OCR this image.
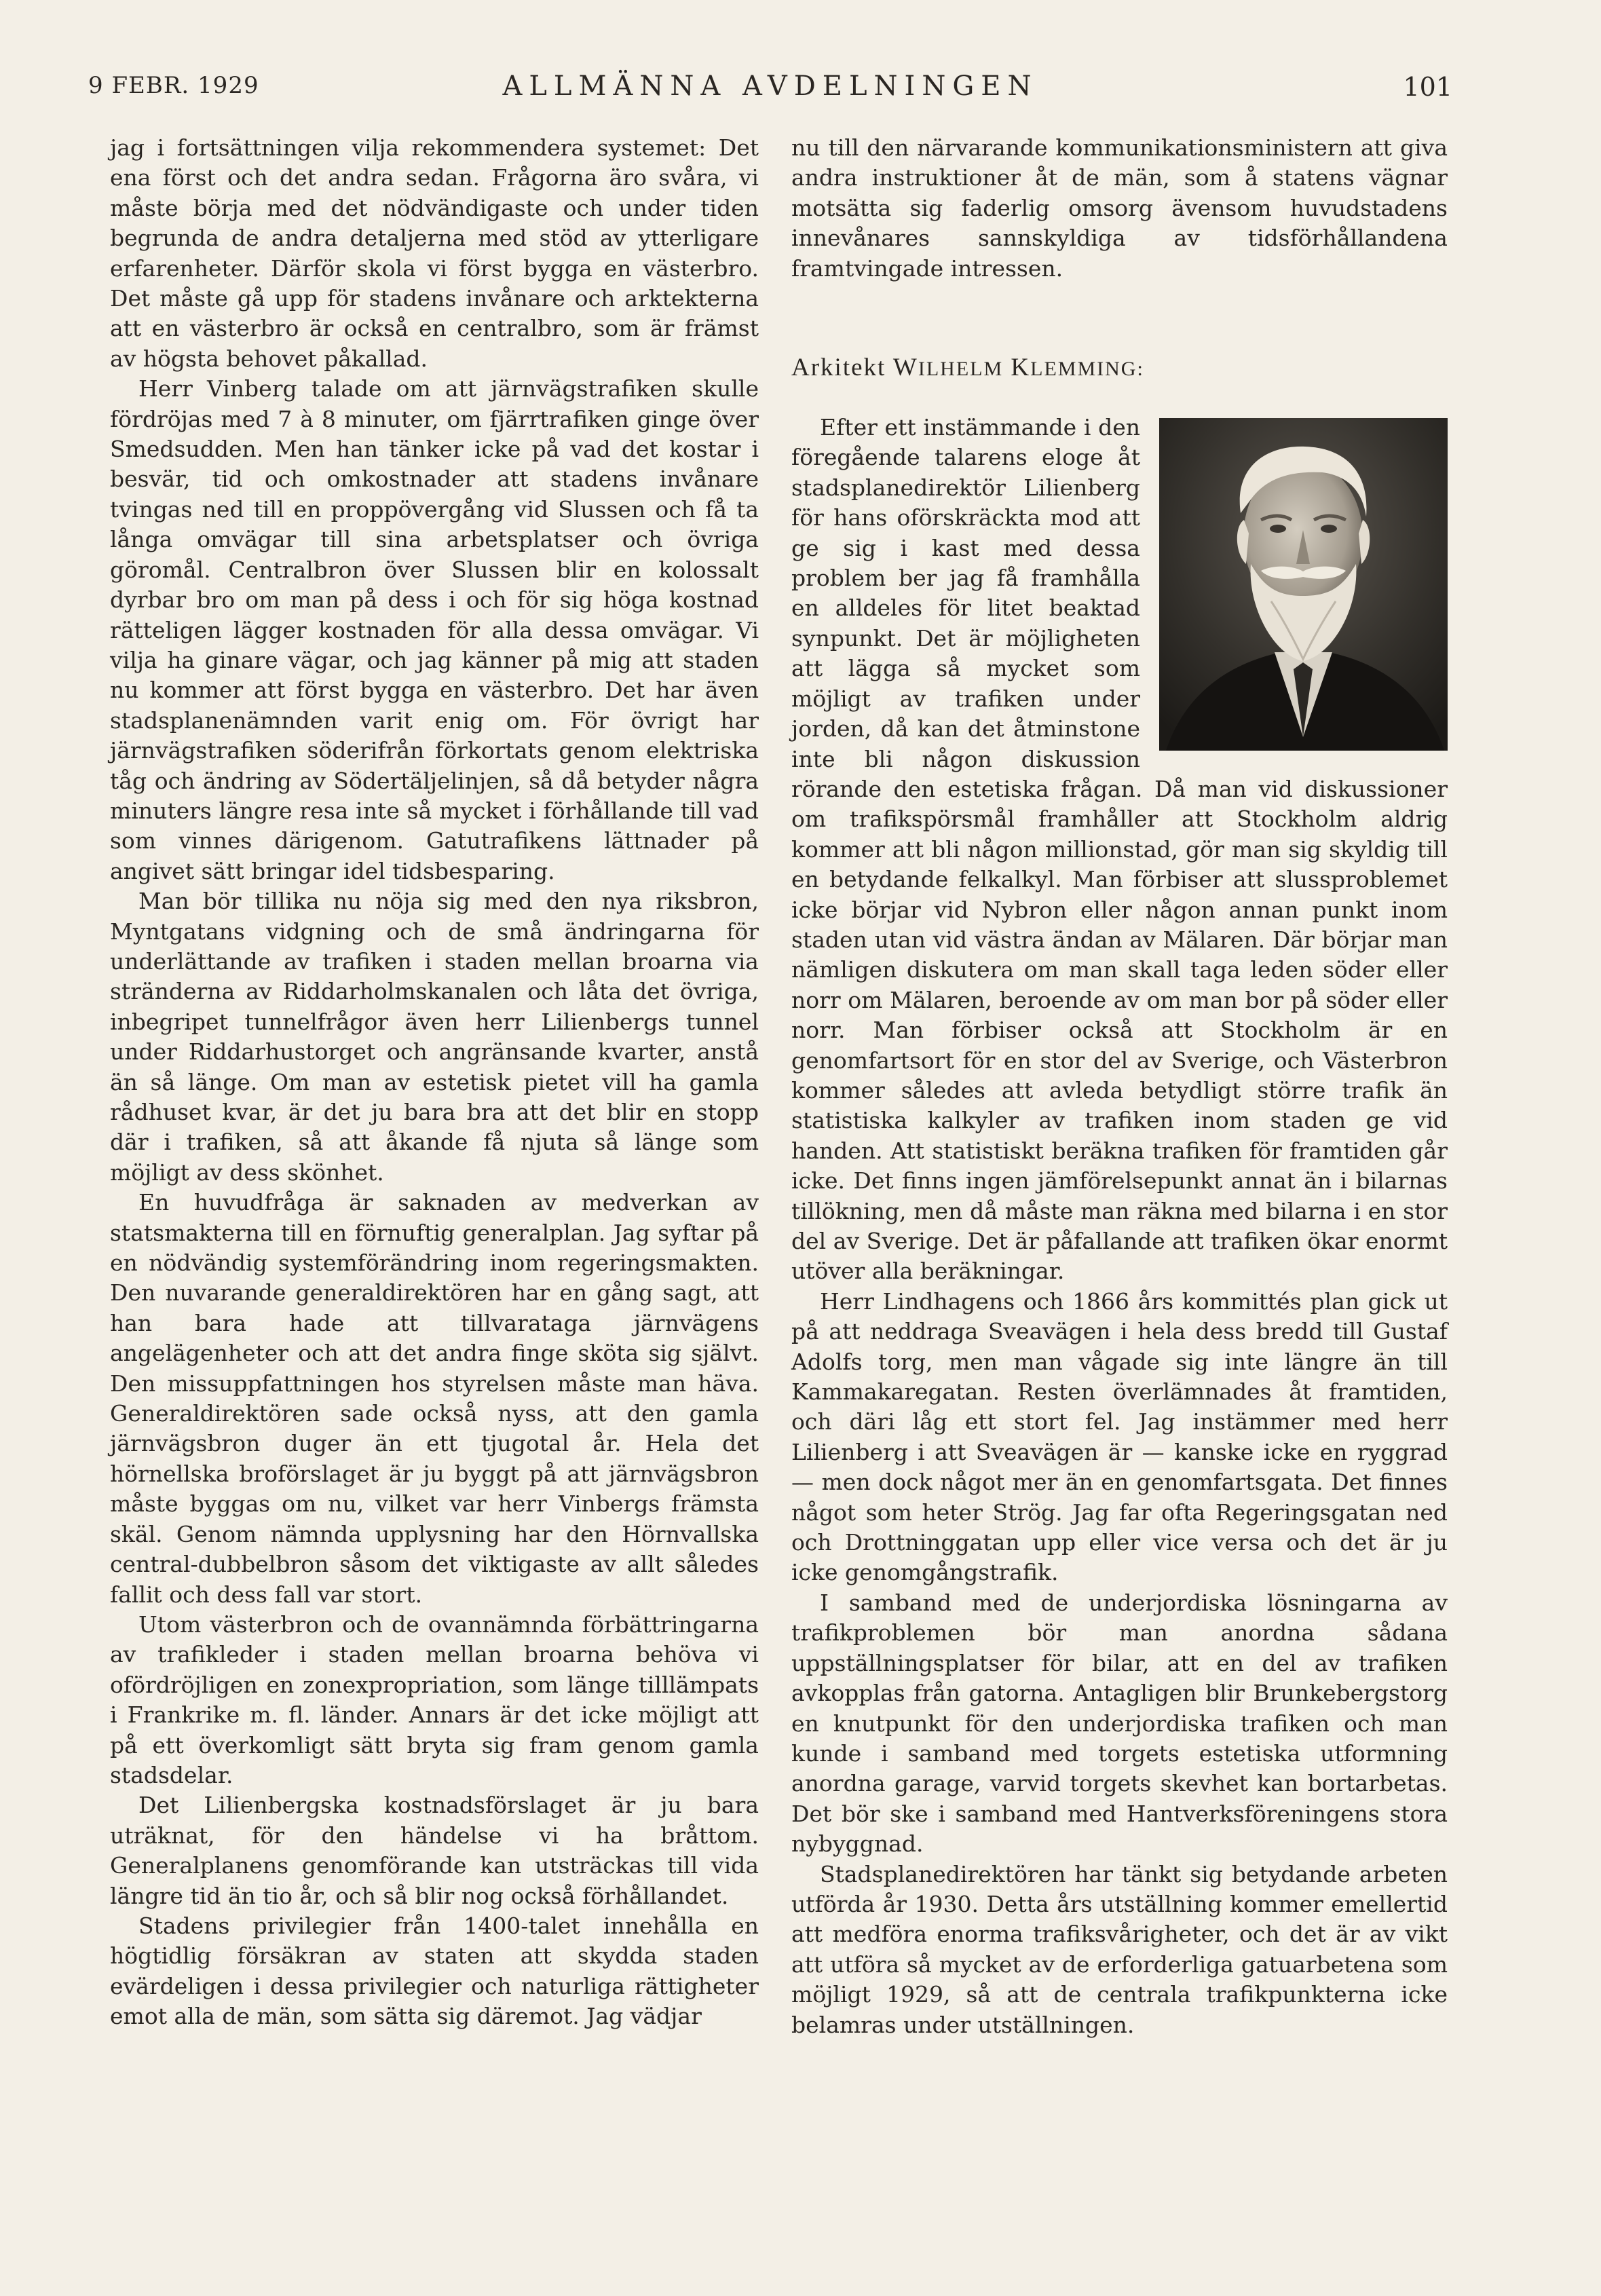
9 FEBR. 1929	ALLMÄNNA AVDELNINGEN	101

jag i fortsättningen vilja rekommendera systemet: Det ena först och det andra sedan. Frågorna äro svåra, vi måste börja med det nödvändigaste och under tiden begrunda de andra detaljerna med stöd av ytterligare erfarenheter. Därför skola vi först bygga en västerbro. Det måste gå upp för stadens invånare och arktekterna att en västerbro är också en centralbro, som är främst av högsta behovet påkallad.

Herr Vinberg talade om att järnvägstrafiken skulle fördröjas med 7 à 8 minuter, om fjärrtrafiken ginge över Smedsudden. Men han tänker icke på vad det kostar i besvär, tid och omkostnader att stadens invånare tvingas ned till en proppövergång vid Slussen och få ta långa omvägar till sina arbetsplatser och övriga göromål. Centralbron över Slussen blir en kolossalt dyrbar bro om man på dess i och för sig höga kostnad rätteligen lägger kostnaden för alla dessa omvägar. Vi vilja ha ginare vägar, och jag känner på mig att staden nu kommer att först bygga en västerbro. Det har även stadsplanenämnden varit enig om. För övrigt har järnvägstrafiken söderifrån förkortats genom elektriska tåg och ändring av Södertäljelinjen, så då betyder några minuters längre resa inte så mycket i förhållande till vad som vinnes därigenom. Gatutrafikens lättnader på angivet sätt bringar idel tidsbesparing.

Man bör tillika nu nöja sig med den nya riksbron, Myntgatans vidgning och de små ändringarna för underlättande av trafiken i staden mellan broarna via stränderna av Riddarholmskanalen och låta det övriga, inbegripet tunnelfrågor även herr Lilienbergs tunnel under Riddarhustorget och angränsande kvarter, anstå än så länge. Om man av estetisk pietet vill ha gamla rådhuset kvar, är det ju bara bra att det blir en stopp där i trafiken, så att åkande få njuta så länge som möjligt av dess skönhet.

En huvudfråga är saknaden av medverkan av statsmakterna till en förnuftig generalplan. Jag syftar på en nödvändig systemförändring inom regeringsmakten. Den nuvarande generaldirektören har en gång sagt, att han bara hade att tillvarataga järnvägens angelägenheter och att det andra finge sköta sig självt. Den missuppfattningen hos styrelsen måste man häva. Generaldirektören sade också nyss, att den gamla järnvägsbron duger än ett tjugotal år. Hela det hörnellska broförslaget är ju byggt på att järnvägsbron måste byggas om nu, vilket var herr Vinbergs främsta skäl. Genom nämnda upplysning har den Hörnvallska central-dubbelbron såsom det viktigaste av allt således fallit och dess fall var stort.

Utom västerbron och de ovannämnda förbättringarna av trafikleder i staden mellan broarna behöva vi ofördröjligen en zonexpropriation, som länge tilllämpats i Frankrike m. fl. länder. Annars är det icke möjligt att på ett överkomligt sätt bryta sig fram genom gamla stadsdelar.

Det Lilienbergska kostnadsförslaget är ju bara uträknat, för den händelse vi ha bråttom. Generalplanens genomförande kan utsträckas till vida längre tid än tio år, och så blir nog också förhållandet.

Stadens privilegier från 1400-talet innehålla en högtidlig försäkran av staten att skydda staden evärdeligen i dessa privilegier och naturliga rättigheter emot alla de män, som sätta sig däremot. Jag vädjar

nu till den närvarande kommunikationsministern att giva andra instruktioner åt de män, som å statens vägnar motsätta sig faderlig omsorg ävensom huvudstadens innevånares sannskyldiga av tidsförhållandena framtvingade intressen.

Arkitekt WILHELM KLEMMING:

Efter ett instämmande i den föregående talarens eloge åt stadsplanedirektör Lilienberg för hans oförskräckta mod att ge sig i kast med dessa problem ber jag få framhålla en alldeles för litet beaktad synpunkt. Det är möjligheten att lägga så mycket som möjligt av trafiken under jorden, då kan det åtminstone inte bli någon diskussion rörande den estetiska frågan. Då man vid diskussioner om trafikspörsmål framhåller att Stockholm aldrig kommer att bli någon millionstad, gör man sig skyldig till en betydande felkalkyl. Man förbiser att slussproblemet icke börjar vid Nybron eller någon annan punkt inom staden utan vid västra ändan av Mälaren. Där börjar man nämligen diskutera om man skall taga leden söder eller norr om Mälaren, beroende av om man bor på söder eller norr. Man förbiser också att Stockholm är en genomfartsort för en stor del av Sverige, och Västerbron kommer således att avleda betydligt större trafik än statistiska kalkyler av trafiken inom staden ge vid handen. Att statistiskt beräkna trafiken för framtiden går icke. Det finns ingen jämförelsepunkt annat än i bilarnas tillökning, men då måste man räkna med bilarna i en stor del av Sverige. Det är påfallande att trafiken ökar enormt utöver alla beräkningar.

Herr Lindhagens och 1866 års kommittés plan gick ut på att neddraga Sveavägen i hela dess bredd till Gustaf Adolfs torg, men man vågade sig inte längre än till Kammakaregatan. Resten överlämnades åt framtiden, och däri låg ett stort fel. Jag instämmer med herr Lilienberg i att Sveavägen är — kanske icke en ryggrad — men dock något mer än en genomfartsgata. Det finnes något som heter Strög. Jag far ofta Regeringsgatan ned och Drottninggatan upp eller vice versa och det är ju icke genomgångstrafik.

I samband med de underjordiska lösningarna av trafikproblemen bör man anordna sådana uppställningsplatser för bilar, att en del av trafiken avkopplas från gatorna. Antagligen blir Brunkebergstorg en knutpunkt för den underjordiska trafiken och man kunde i samband med torgets estetiska utformning anordna garage, varvid torgets skevhet kan bortarbetas. Det bör ske i samband med Hantverksföreningens stora nybyggnad.

Stadsplanedirektören har tänkt sig betydande arbeten utförda år 1930. Detta års utställning kommer emellertid att medföra enorma trafiksvårigheter, och det är av vikt att utföra så mycket av de erforderliga gatuarbetena som möjligt 1929, så att de centrala trafikpunkterna icke belamras under utställningen.
